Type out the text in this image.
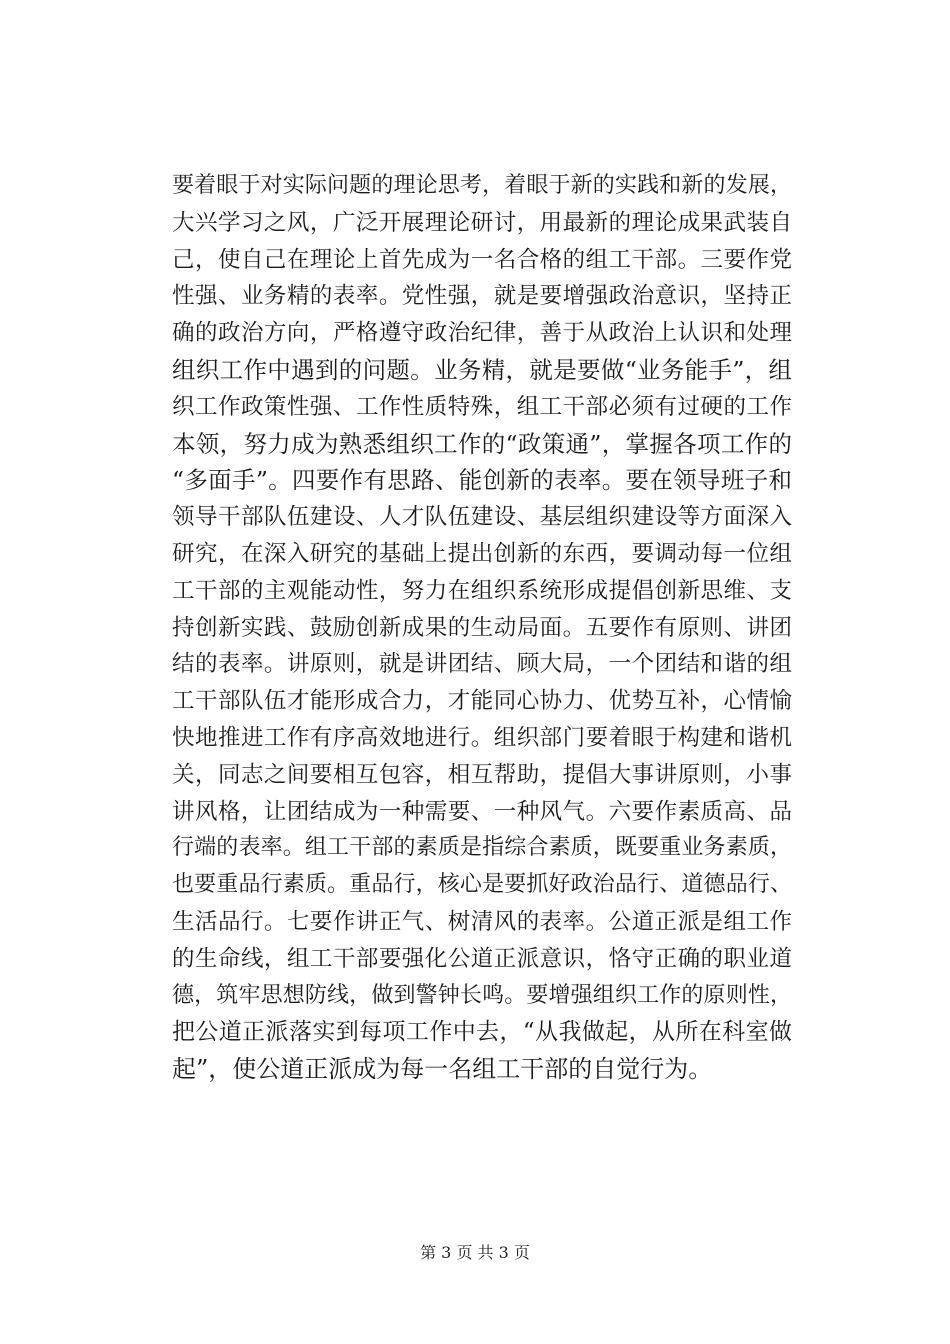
要着眼于对实际问题的理论思考，着眼于新的实践和新的发展，
大兴学习之风，广泛开展理论研讨，用最新的理论成果武装自
己，使自己在理论上首先成为一名合格的组工干部。三要作党
性强、业务精的表率。党性强，就是要增强政治意识，坚持正
确的政治方向，严格遵守政治纪律，善于从政治上认识和处理
组织工作中遇到的问题。业务精，就是要做“业务能手”，组
织工作政策性强、工作性质特殊，组工干部必须有过硬的工作
本领，努力成为熟悉组织工作的“政策通”，掌握各项工作的
“多面手”。四要作有思路、能创新的表率。要在领导班子和
领导干部队伍建设、人才队伍建设、基层组织建设等方面深入
研究，在深入研究的基础上提出创新的东西，要调动每一位组
工干部的主观能动性，努力在组织系统形成提倡创新思维、支
持创新实践、鼓励创新成果的生动局面。五要作有原则、讲团
结的表率。讲原则，就是讲团结、顾大局，一个团结和谐的组
工干部队伍才能形成合力，才能同心协力、优势互补，心情愉
快地推进工作有序高效地进行。组织部门要着眼于构建和谐机
关，同志之间要相互包容，相互帮助，提倡大事讲原则，小事
讲风格，让团结成为一种需要、一种风气。六要作素质高、品
行端的表率。组工干部的素质是指综合素质，既要重业务素质，
也要重品行素质。重品行，核心是要抓好政治品行、道德品行、
生活品行。七要作讲正气、树清风的表率。公道正派是组工作
的生命线，组工干部要强化公道正派意识，恪守正确的职业道
德，筑牢思想防线，做到警钟长鸣。要增强组织工作的原则性，
把公道正派落实到每项工作中去，“从我做起，从所在科室做
起”，使公道正派成为每一名组工干部的自觉行为。
第 3 页 共 3 页
